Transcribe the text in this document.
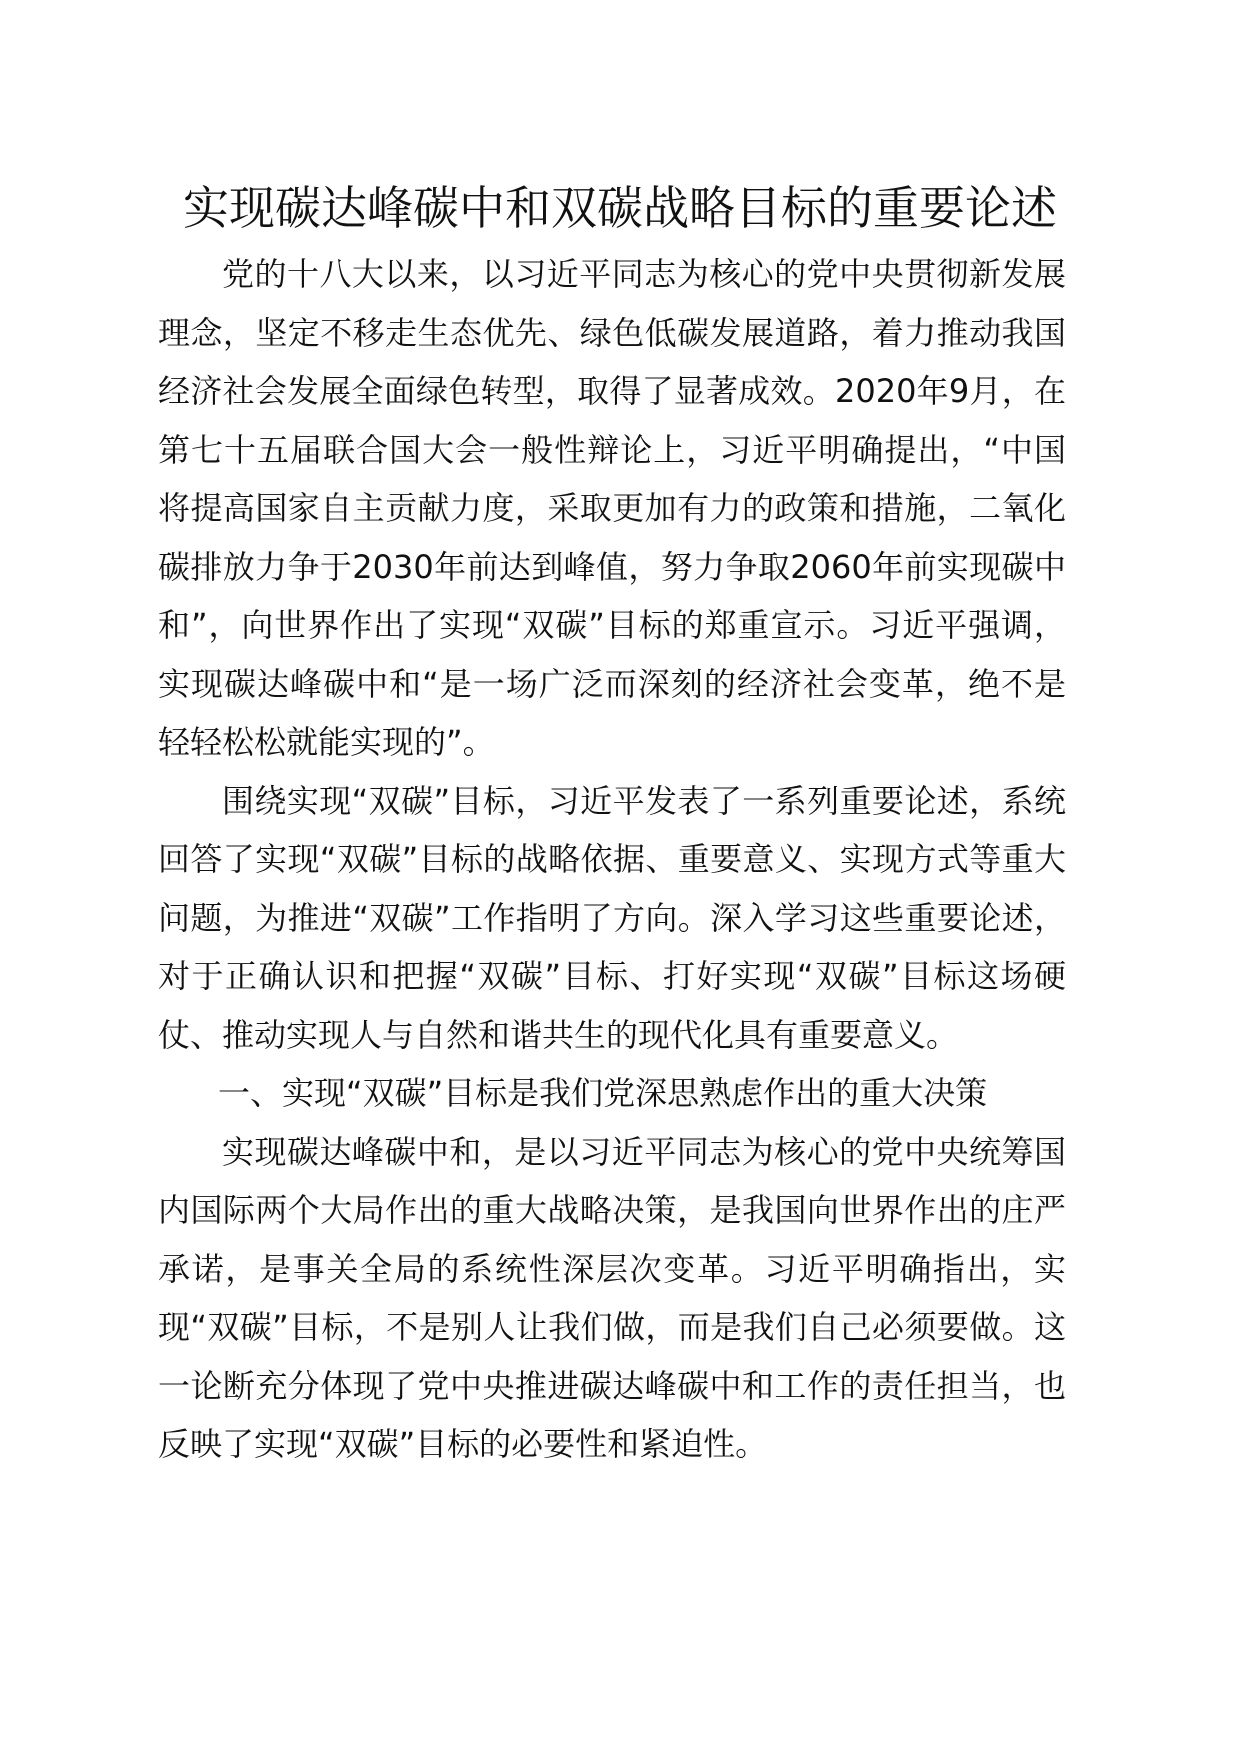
实现碳达峰碳中和双碳战略目标的重要论述

党的十八大以来，以习近平同志为核心的党中央贯彻新发展理念，坚定不移走生态优先、绿色低碳发展道路，着力推动我国经济社会发展全面绿色转型，取得了显著成效。2020年9月，在第七十五届联合国大会一般性辩论上，习近平明确提出，“中国将提高国家自主贡献力度，采取更加有力的政策和措施，二氧化碳排放力争于2030年前达到峰值，努力争取2060年前实现碳中和”，向世界作出了实现“双碳”目标的郑重宣示。习近平强调，实现碳达峰碳中和“是一场广泛而深刻的经济社会变革，绝不是轻轻松松就能实现的”。

围绕实现“双碳”目标，习近平发表了一系列重要论述，系统回答了实现“双碳”目标的战略依据、重要意义、实现方式等重大问题，为推进“双碳”工作指明了方向。深入学习这些重要论述，对于正确认识和把握“双碳”目标、打好实现“双碳”目标这场硬仗、推动实现人与自然和谐共生的现代化具有重要意义。

一、实现“双碳”目标是我们党深思熟虑作出的重大决策

实现碳达峰碳中和，是以习近平同志为核心的党中央统筹国内国际两个大局作出的重大战略决策，是我国向世界作出的庄严承诺，是事关全局的系统性深层次变革。习近平明确指出，实现“双碳”目标，不是别人让我们做，而是我们自己必须要做。这一论断充分体现了党中央推进碳达峰碳中和工作的责任担当，也反映了实现“双碳”目标的必要性和紧迫性。
